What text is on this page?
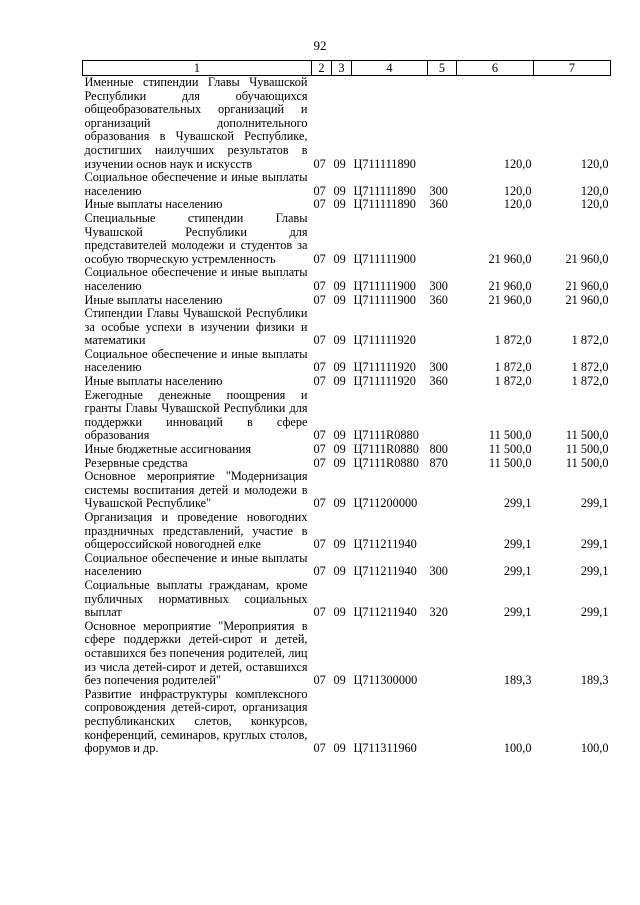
92
1	2	3	4	5	6	7
Именные стипендии Главы Чувашской Республики для обучающихся общеобразовательных организаций и организаций дополнительного образования в Чувашской Республике, достигших наилучших результатов в изучении основ наук и искусств	07	09	Ц711111890		120,0	120,0
Социальное обеспечение и иные выплаты населению	07	09	Ц711111890	300	120,0	120,0
Иные выплаты населению	07	09	Ц711111890	360	120,0	120,0
Специальные стипендии Главы Чувашской Республики для представителей молодежи и студентов за особую творческую устремленность	07	09	Ц711111900		21 960,0	21 960,0
Социальное обеспечение и иные выплаты населению	07	09	Ц711111900	300	21 960,0	21 960,0
Иные выплаты населению	07	09	Ц711111900	360	21 960,0	21 960,0
Стипендии Главы Чувашской Республики за особые успехи в изучении физики и математики	07	09	Ц711111920		1 872,0	1 872,0
Социальное обеспечение и иные выплаты населению	07	09	Ц711111920	300	1 872,0	1 872,0
Иные выплаты населению	07	09	Ц711111920	360	1 872,0	1 872,0
Ежегодные денежные поощрения и гранты Главы Чувашской Республики для поддержки инноваций в сфере образования	07	09	Ц7111R0880		11 500,0	11 500,0
Иные бюджетные ассигнования	07	09	Ц7111R0880	800	11 500,0	11 500,0
Резервные средства	07	09	Ц7111R0880	870	11 500,0	11 500,0
Основное мероприятие "Модернизация системы воспитания детей и молодежи в Чувашской Республике"	07	09	Ц711200000		299,1	299,1
Организация и проведение новогодних праздничных представлений, участие в общероссийской новогодней елке	07	09	Ц711211940		299,1	299,1
Социальное обеспечение и иные выплаты населению	07	09	Ц711211940	300	299,1	299,1
Социальные выплаты гражданам, кроме публичных нормативных социальных выплат	07	09	Ц711211940	320	299,1	299,1
Основное мероприятие "Мероприятия в сфере поддержки детей-сирот и детей, оставшихся без попечения родителей, лиц из числа детей-сирот и детей, оставшихся без попечения родителей"	07	09	Ц711300000		189,3	189,3
Развитие инфраструктуры комплексного сопровождения детей-сирот, организация республиканских слетов, конкурсов, конференций, семинаров, круглых столов, форумов и др.	07	09	Ц711311960		100,0	100,0
